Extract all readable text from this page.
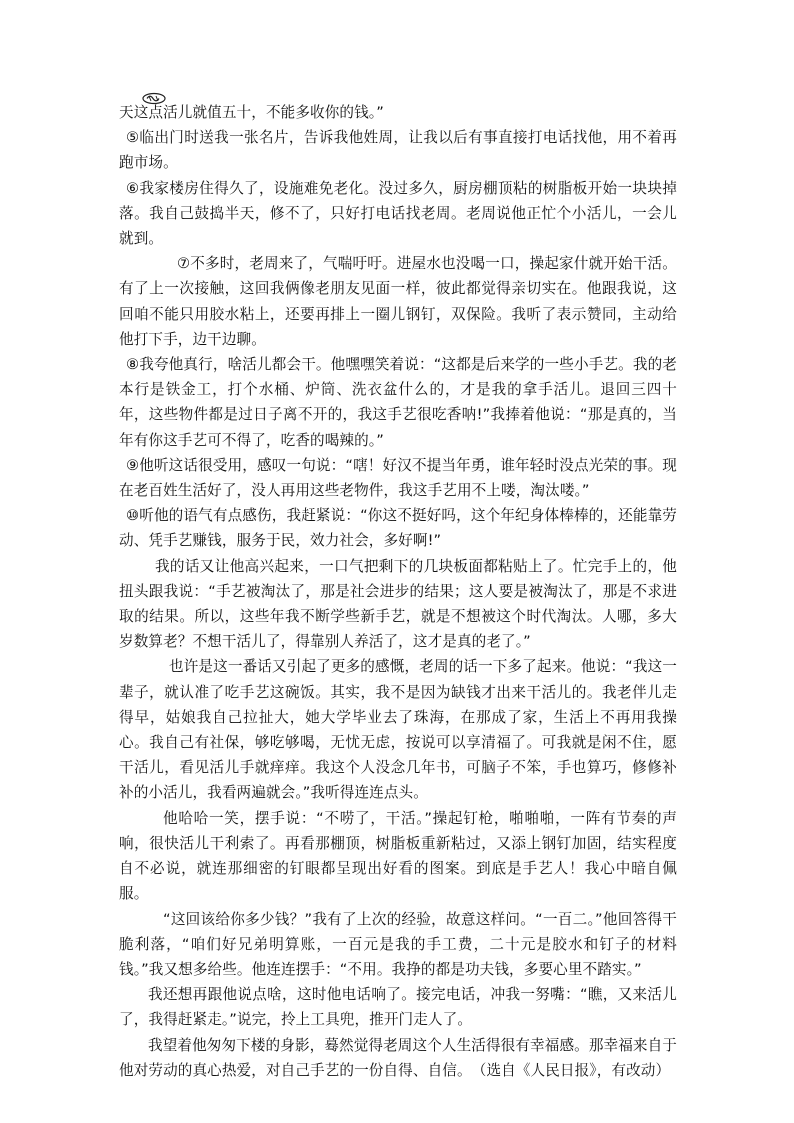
天这点活儿就值五十，不能多收你的钱。”

⑤临出门时送我一张名片，告诉我他姓周，让我以后有事直接打电话找他，用不着再跑市场。

⑥我家楼房住得久了，设施难免老化。没过多久，厨房棚顶粘的树脂板开始一块块掉落。我自己鼓捣半天，修不了，只好打电话找老周。老周说他正忙个小活儿，一会儿就到。

⑦不多时，老周来了，气喘吁吁。进屋水也没喝一口，操起家什就开始干活。有了上一次接触，这回我俩像老朋友见面一样，彼此都觉得亲切实在。他跟我说，这回咱不能只用胶水粘上，还要再排上一圈儿钢钉，双保险。我听了表示赞同，主动给他打下手，边干边聊。

⑧我夸他真行，啥活儿都会干。他嘿嘿笑着说：“这都是后来学的一些小手艺。我的老本行是铁金工，打个水桶、炉筒、洗衣盆什么的，才是我的拿手活儿。退回三四十年，这些物件都是过日子离不开的，我这手艺很吃香呐!”我捧着他说：“那是真的，当年有你这手艺可不得了，吃香的喝辣的。”

⑨他听这话很受用，感叹一句说：“嗐！好汉不提当年勇，谁年轻时没点光荣的事。现在老百姓生活好了，没人再用这些老物件，我这手艺用不上喽，淘汰喽。”

⑩听他的语气有点感伤，我赶紧说：“你这不挺好吗，这个年纪身体棒棒的，还能靠劳动、凭手艺赚钱，服务于民，效力社会，多好啊!”

我的话又让他高兴起来，一口气把剩下的几块板面都粘贴上了。忙完手上的，他扭头跟我说：“手艺被淘汰了，那是社会进步的结果；这人要是被淘汰了，那是不求进取的结果。所以，这些年我不断学些新手艺，就是不想被这个时代淘汰。人哪，多大岁数算老？不想干活儿了，得靠别人养活了，这才是真的老了。”

也许是这一番话又引起了更多的感慨，老周的话一下多了起来。他说：“我这一辈子，就认准了吃手艺这碗饭。其实，我不是因为缺钱才出来干活儿的。我老伴儿走得早，姑娘我自己拉扯大，她大学毕业去了珠海，在那成了家，生活上不再用我操心。我自己有社保，够吃够喝，无忧无虑，按说可以享清福了。可我就是闲不住，愿干活儿，看见活儿手就痒痒。我这个人没念几年书，可脑子不笨，手也算巧，修修补补的小活儿，我看两遍就会。”我听得连连点头。

他哈哈一笑，摆手说：“不唠了，干活。”操起钉枪，啪啪啪，一阵有节奏的声响，很快活儿干利索了。再看那棚顶，树脂板重新粘过，又添上钢钉加固，结实程度自不必说，就连那细密的钉眼都呈现出好看的图案。到底是手艺人！我心中暗自佩服。

“这回该给你多少钱？”我有了上次的经验，故意这样问。“一百二。”他回答得干脆利落，“咱们好兄弟明算账，一百元是我的手工费，二十元是胶水和钉子的材料钱。”我又想多给些。他连连摆手：“不用。我挣的都是功夫钱，多要心里不踏实。”

我还想再跟他说点啥，这时他电话响了。接完电话，冲我一努嘴：“瞧，又来活儿了，我得赶紧走。”说完，拎上工具兜，推开门走人了。

我望着他匆匆下楼的身影，蓦然觉得老周这个人生活得很有幸福感。那幸福来自于他对劳动的真心热爱，对自己手艺的一份自得、自信。　（选自《人民日报》，有改动）
